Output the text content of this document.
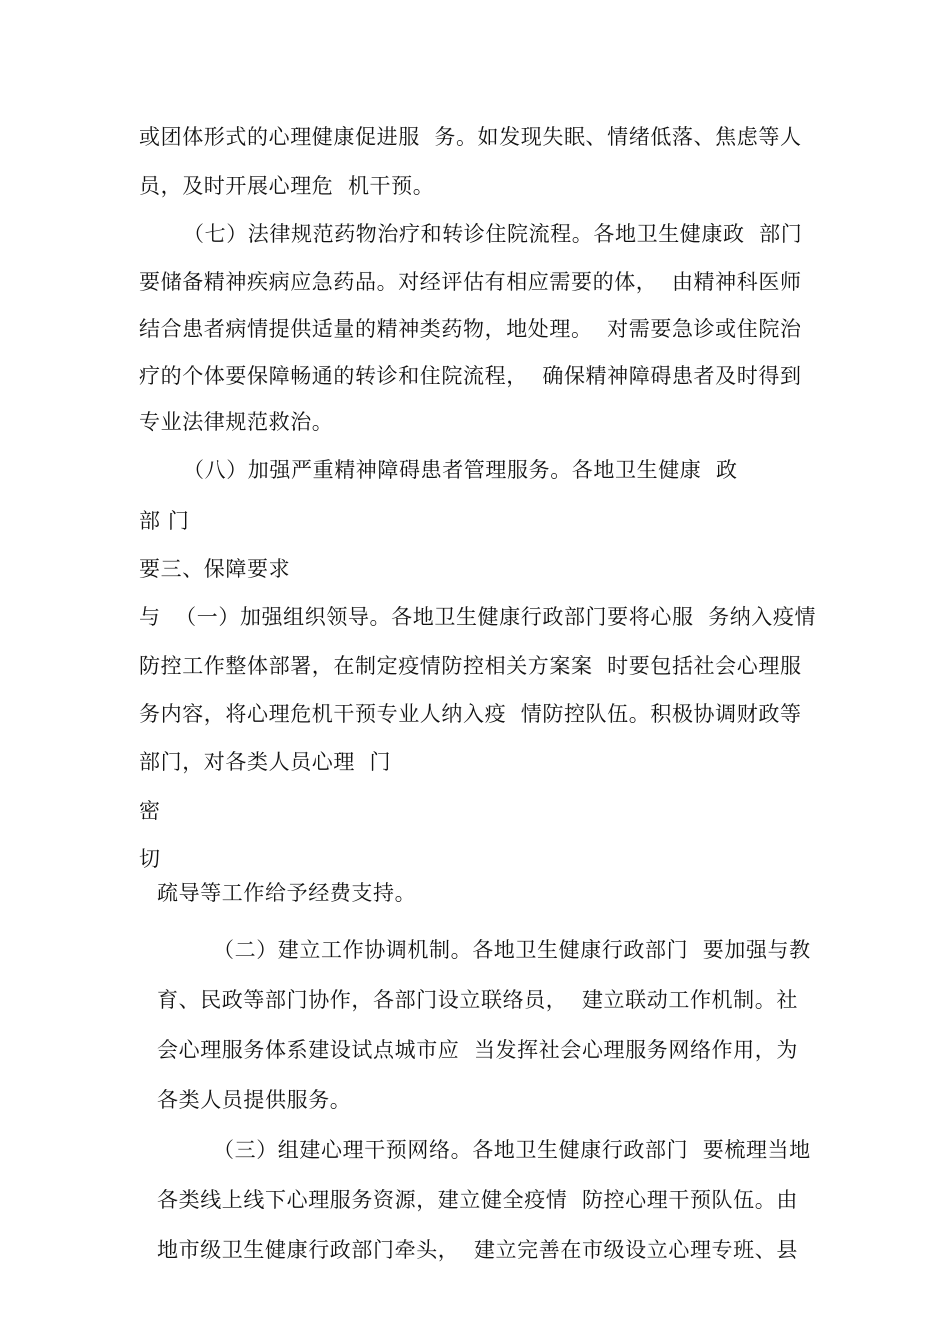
或团体形式的心理健康促进服  务。如发现失眠、情绪低落、焦虑等人
员，及时开展心理危  机干预。
（七）法律规范药物治疗和转诊住院流程。各地卫生健康政  部门
要储备精神疾病应急药品。对经评估有相应需要的体，  由精神科医师
结合患者病情提供适量的精神类药物，地处理。  对需要急诊或住院治
疗的个体要保障畅通的转诊和住院流程，  确保精神障碍患者及时得到
专业法律规范救治。
（八）加强严重精神障碍患者管理服务。各地卫生健康  政
部 门
要三、保障要求
与  （一）加强组织领导。各地卫生健康行政部门要将心服  务纳入疫情
防控工作整体部署，在制定疫情防控相关方案案  时要包括社会心理服
务内容，将心理危机干预专业人纳入疫  情防控队伍。积极协调财政等
部门，对各类人员心理  门
密
切
疏导等工作给予经费支持。
（二）建立工作协调机制。各地卫生健康行政部门  要加强与教
育、民政等部门协作，各部门设立联络员，  建立联动工作机制。社
会心理服务体系建设试点城市应  当发挥社会心理服务网络作用，为
各类人员提供服务。
（三）组建心理干预网络。各地卫生健康行政部门  要梳理当地
各类线上线下心理服务资源，建立健全疫情  防控心理干预队伍。由
地市级卫生健康行政部门牵头，  建立完善在市级设立心理专班、县
